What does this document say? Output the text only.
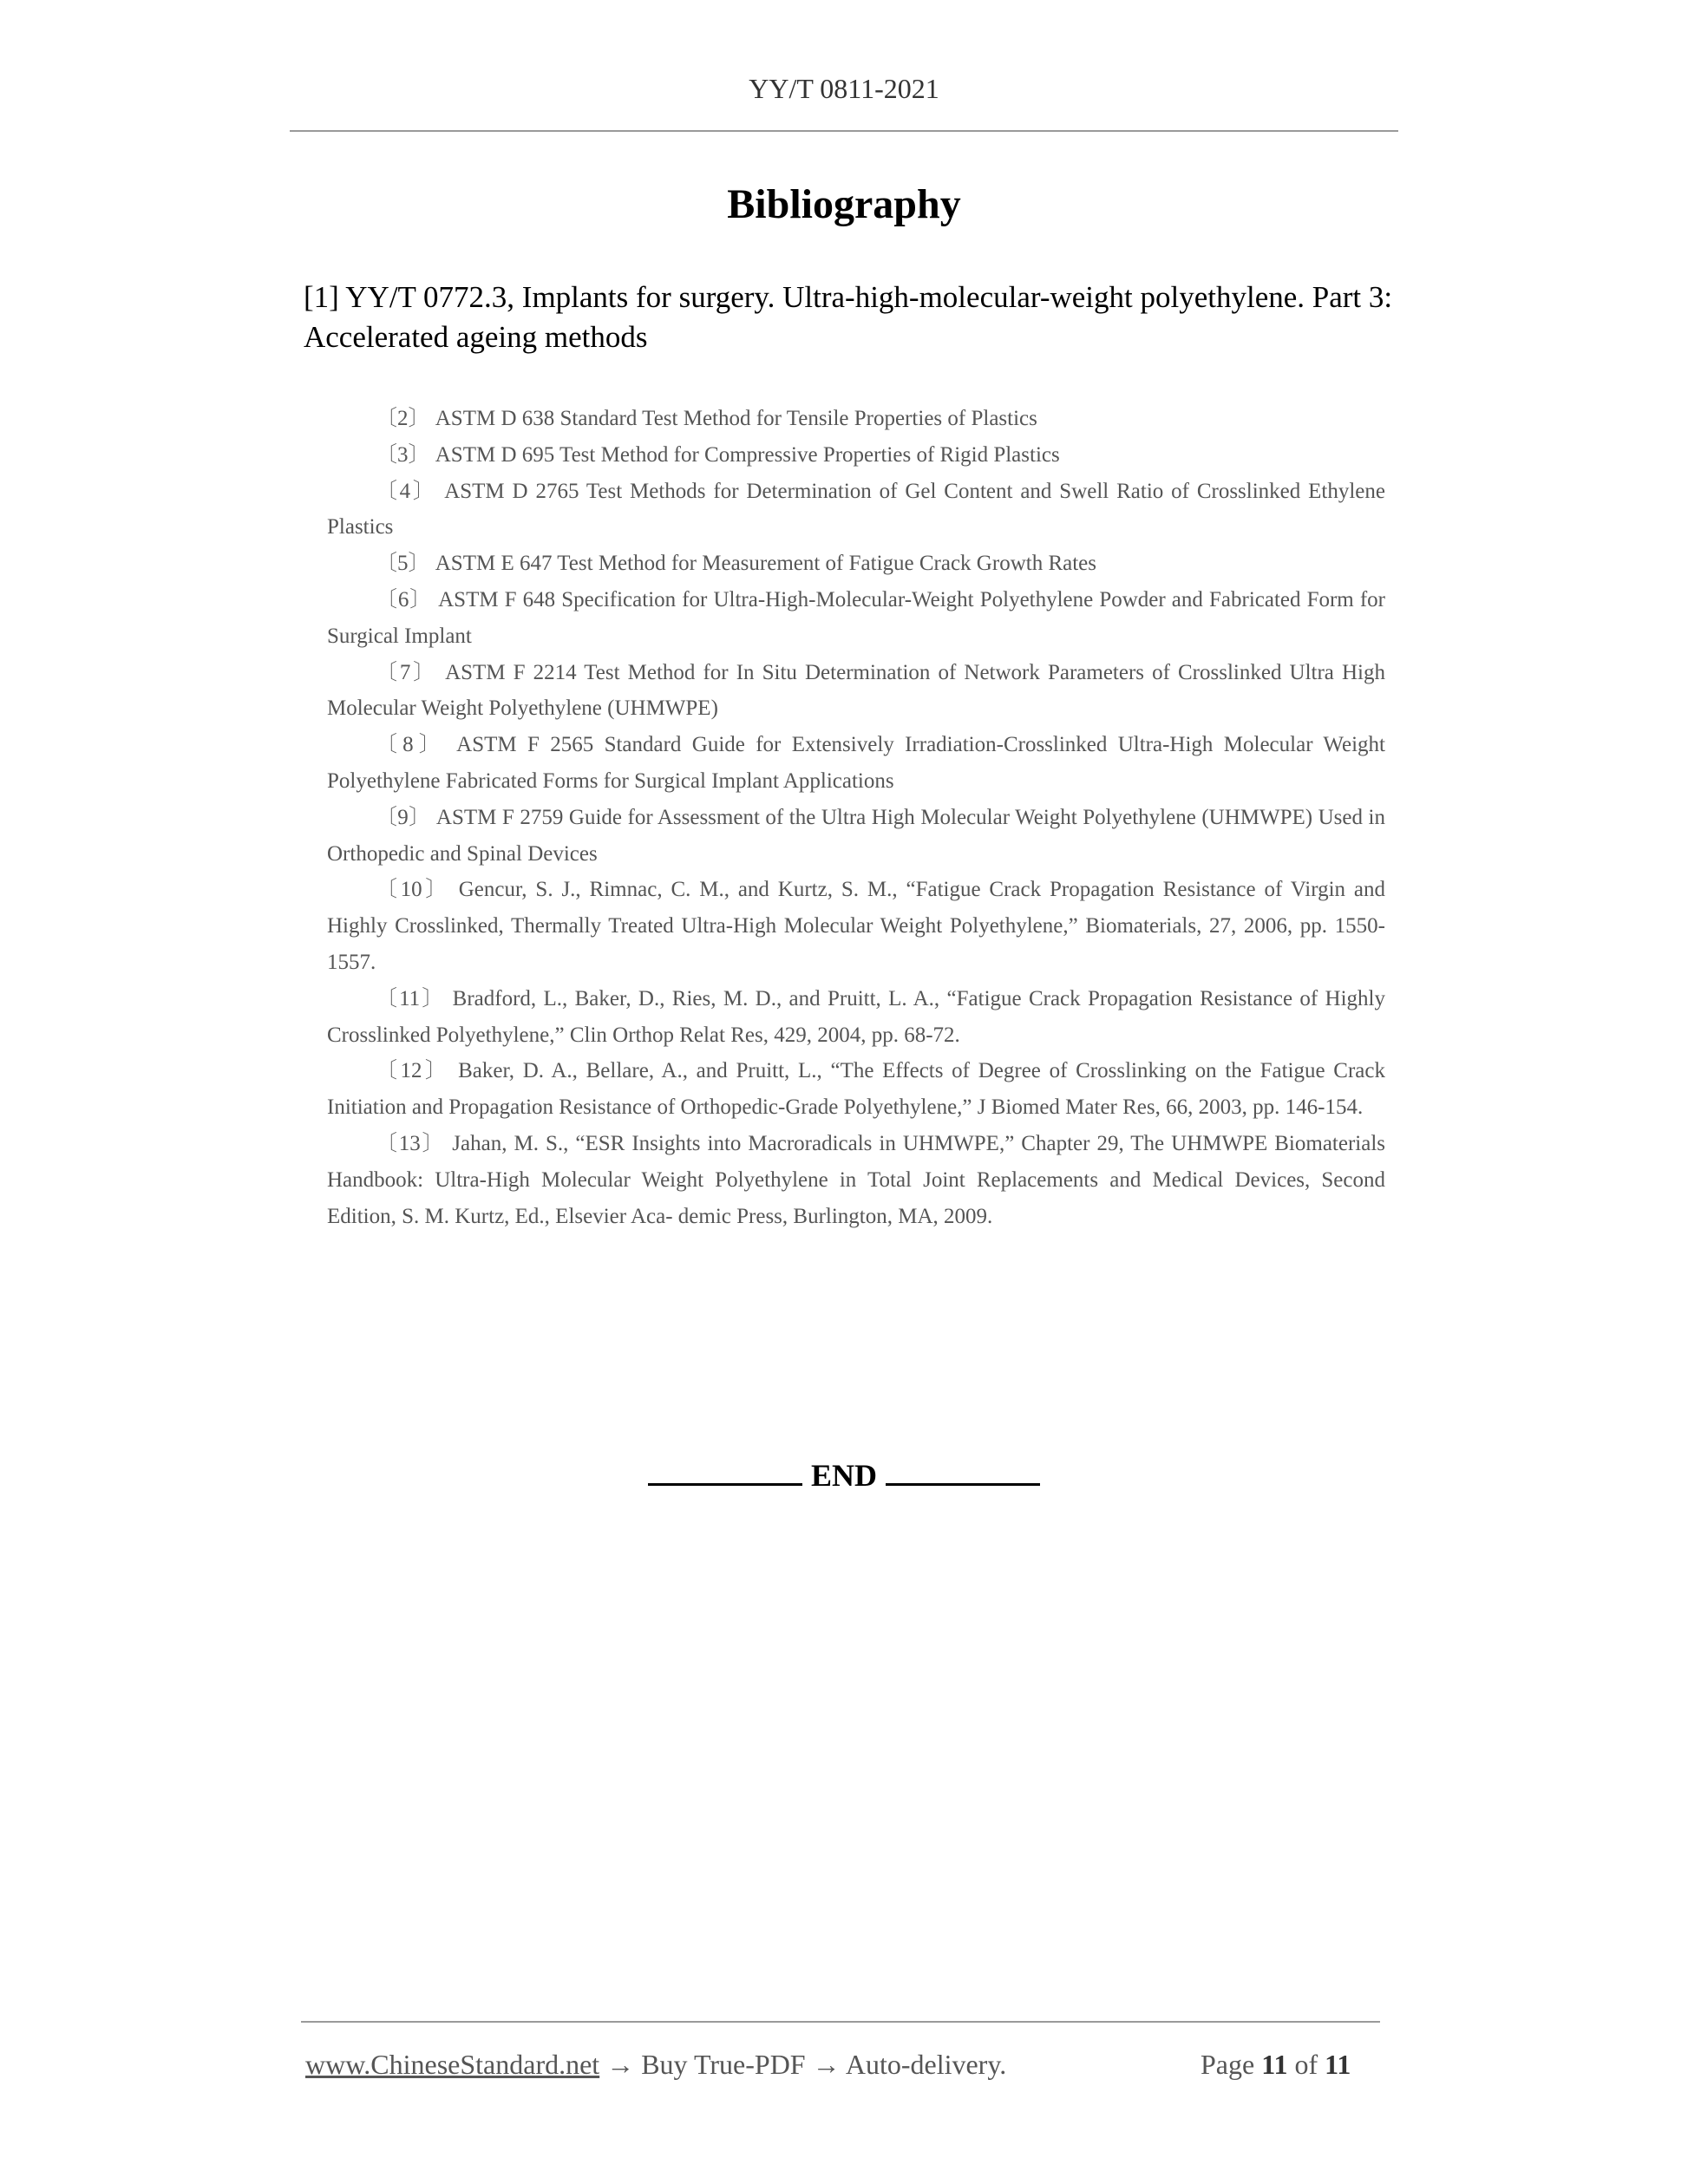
YY/T 0811-2021
Bibliography
[1] YY/T 0772.3, Implants for surgery. Ultra-high-molecular-weight polyethylene. Part 3: Accelerated ageing methods

〔2〕 ASTM D 638 Standard Test Method for Tensile Properties of Plastics

〔3〕 ASTM D 695 Test Method for Compressive Properties of Rigid Plastics

〔4〕 ASTM D 2765 Test Methods for Determination of Gel Content and Swell Ratio of Crosslinked Ethylene Plastics

〔5〕 ASTM E 647 Test Method for Measurement of Fatigue Crack Growth Rates

〔6〕 ASTM F 648 Specification for Ultra-High-Molecular-Weight Polyethylene Powder and Fabricated Form for Surgical Implant

〔7〕 ASTM F 2214 Test Method for In Situ Determination of Network Parameters of Crosslinked Ultra High Molecular Weight Polyethylene (UHMWPE)

〔8〕 ASTM F 2565 Standard Guide for Extensively Irradiation-Crosslinked Ultra-High Molecular Weight Polyethylene Fabricated Forms for Surgical Implant Applications

〔9〕 ASTM F 2759 Guide for Assessment of the Ultra High Molecular Weight Polyethylene (UHMWPE) Used in Orthopedic and Spinal Devices

〔10〕 Gencur, S. J., Rimnac, C. M., and Kurtz, S. M., “Fatigue Crack Propagation Resistance of Virgin and Highly Crosslinked, Thermally Treated Ultra-High Molecular Weight Polyethylene,” Biomaterials, 27, 2006, pp. 1550-1557.

〔11〕 Bradford, L., Baker, D., Ries, M. D., and Pruitt, L. A., “Fatigue Crack Propagation Resistance of Highly Crosslinked Polyethylene,” Clin Orthop Relat Res, 429, 2004, pp. 68-72.

〔12〕 Baker, D. A., Bellare, A., and Pruitt, L., “The Effects of Degree of Crosslinking on the Fatigue Crack Initiation and Propagation Resistance of Orthopedic-Grade Polyethylene,” J Biomed Mater Res, 66, 2003, pp. 146-154.

〔13〕 Jahan, M. S., “ESR Insights into Macroradicals in UHMWPE,” Chapter 29, The UHMWPE Biomaterials Handbook: Ultra-High Molecular Weight Polyethylene in Total Joint Replacements and Medical Devices, Second Edition, S. M. Kurtz, Ed., Elsevier Aca- demic Press, Burlington, MA, 2009.

END
www.ChineseStandard.net → Buy True-PDF → Auto-delivery.	Page 11 of 11
